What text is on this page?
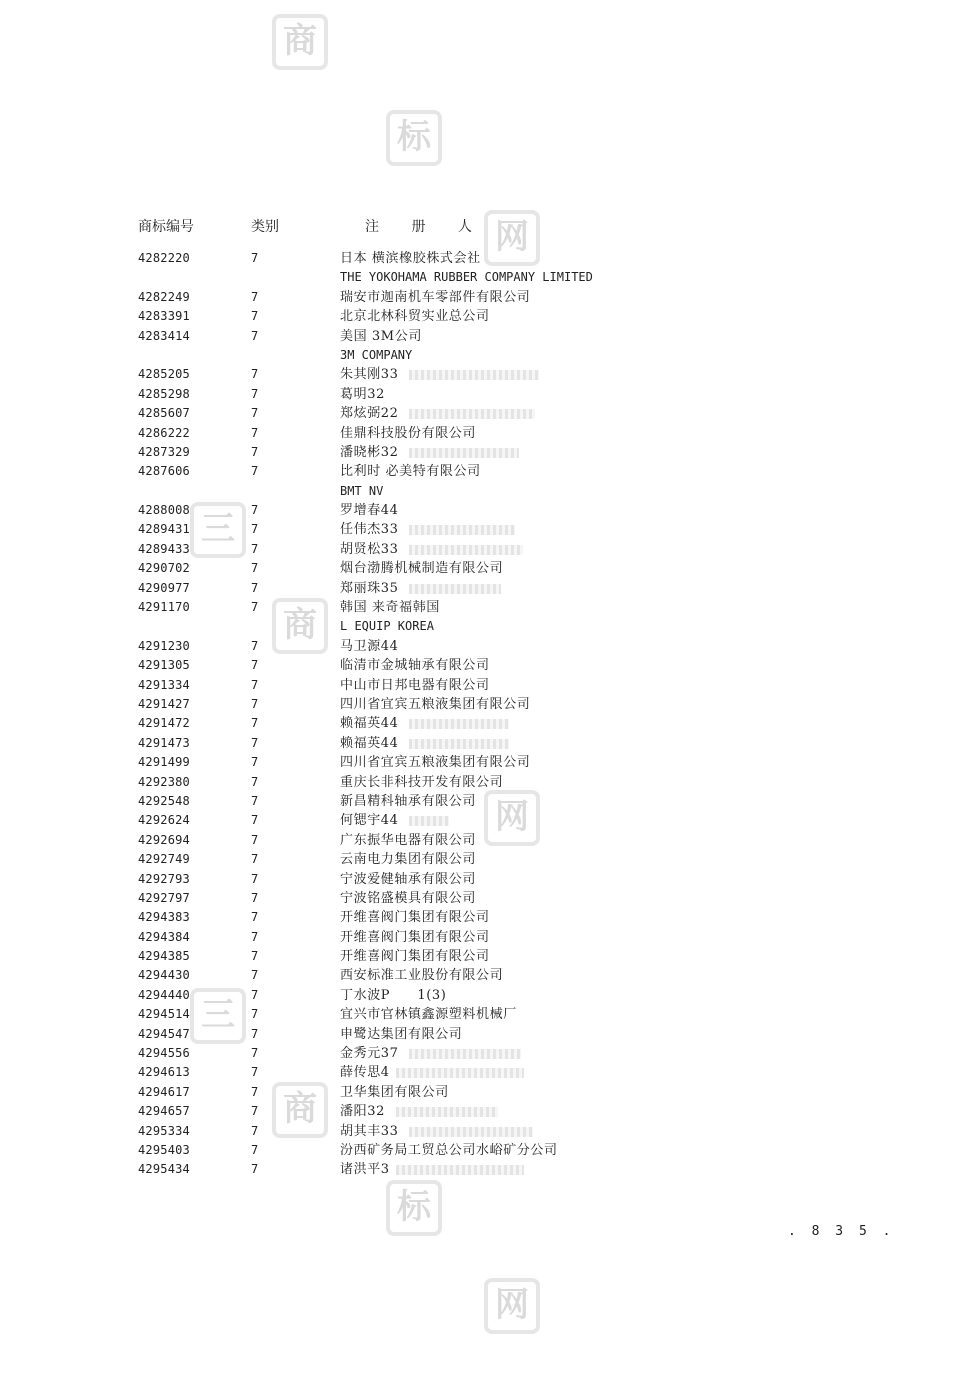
商标编号	类别	注 册 人
4282220	7	日本 横滨橡胶株式会社
THE YOKOHAMA RUBBER COMPANY LIMITED
4282249	7	瑞安市迦南机车零部件有限公司
4283391	7	北京北林科贸实业总公司
4283414	7	美国 3M公司
3M COMPANY
4285205	7	朱其刚33
4285298	7	葛明32
4285607	7	郑炫弼22
4286222	7	佳鼎科技股份有限公司
4287329	7	潘晓彬32
4287606	7	比利时 必美特有限公司
BMT NV
4288008	7	罗增春44
4289431	7	任伟杰33
4289433	7	胡贤松33
4290702	7	烟台渤腾机械制造有限公司
4290977	7	郑丽珠35
4291170	7	韩国 来奇福韩国
L EQUIP KOREA
4291230	7	马卫源44
4291305	7	临清市金城轴承有限公司
4291334	7	中山市日邦电器有限公司
4291427	7	四川省宜宾五粮液集团有限公司
4291472	7	赖福英44
4291473	7	赖福英44
4291499	7	四川省宜宾五粮液集团有限公司
4292380	7	重庆长非科技开发有限公司
4292548	7	新昌精科轴承有限公司
4292624	7	何锶宇44
4292694	7	广东振华电器有限公司
4292749	7	云南电力集团有限公司
4292793	7	宁波爱健轴承有限公司
4292797	7	宁波铭盛模具有限公司
4294383	7	开维喜阀门集团有限公司
4294384	7	开维喜阀门集团有限公司
4294385	7	开维喜阀门集团有限公司
4294430	7	西安标准工业股份有限公司
4294440	7	丁水波P　　1(3)
4294514	7	宜兴市官林镇鑫源塑料机械厂
4294547	7	申鹭达集团有限公司
4294556	7	金秀元37
4294613	7	薛传思4
4294617	7	卫华集团有限公司
4294657	7	潘阳32
4295334	7	胡其丰33
4295403	7	汾西矿务局工贸总公司水峪矿分公司
4295434	7	诸洪平3
. 8 3 5 .
商
标
网
三
商
网
三
商
标
网
